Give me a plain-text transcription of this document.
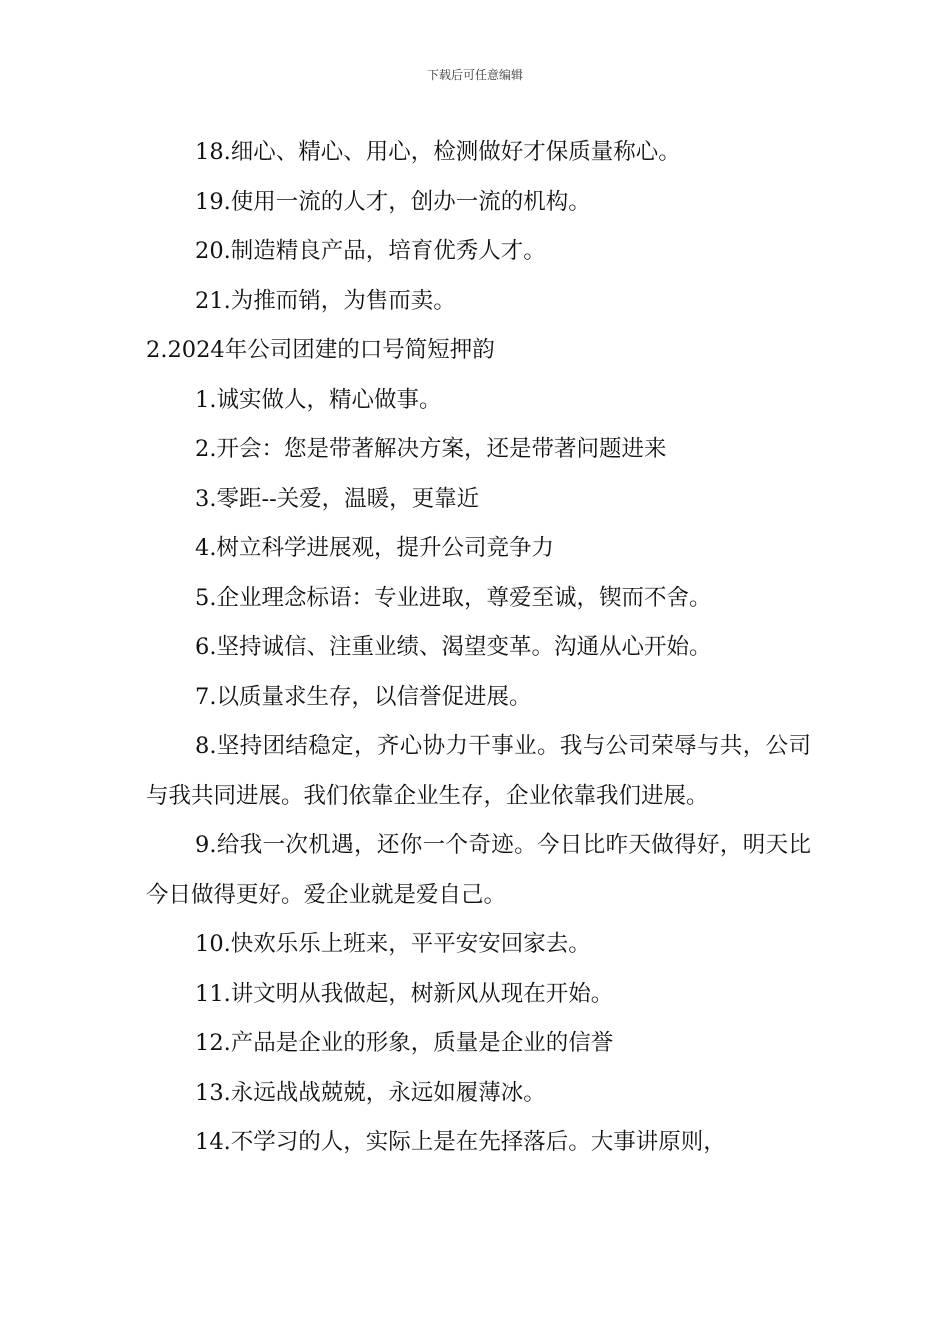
下载后可任意编辑

18.细心、精心、用心，检测做好才保质量称心。

19.使用一流的人才，创办一流的机构。

20.制造精良产品，培育优秀人才。

21.为推而销，为售而卖。

2.2024年公司团建的口号简短押韵

1.诚实做人，精心做事。

2.开会：您是带著解决方案，还是带著问题进来

3.零距--关爱，温暖，更靠近

4.树立科学进展观，提升公司竞争力

5.企业理念标语：专业进取，尊爱至诚，锲而不舍。

6.坚持诚信、注重业绩、渴望变革。沟通从心开始。

7.以质量求生存，以信誉促进展。

8.坚持团结稳定，齐心协力干事业。我与公司荣辱与共，公司与我共同进展。我们依靠企业生存，企业依靠我们进展。

9.给我一次机遇，还你一个奇迹。今日比昨天做得好，明天比今日做得更好。爱企业就是爱自己。

10.快欢乐乐上班来，平平安安回家去。

11.讲文明从我做起，树新风从现在开始。

12.产品是企业的形象，质量是企业的信誉

13.永远战战兢兢，永远如履薄冰。

14.不学习的人，实际上是在先择落后。大事讲原则，
